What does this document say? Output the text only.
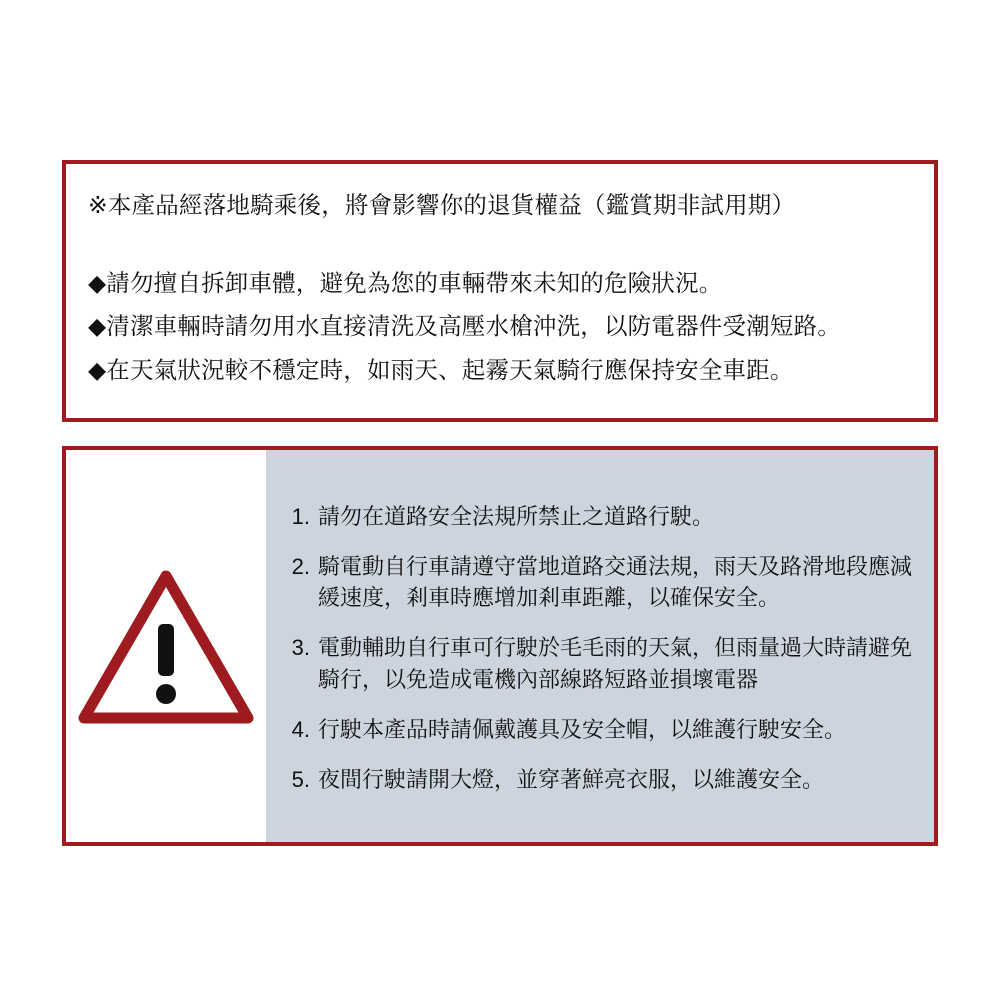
※本產品經落地騎乘後，將會影響你的退貨權益（鑑賞期非試用期）
◆請勿擅自拆卸車體，避免為您的車輛帶來未知的危險狀況。
◆清潔車輛時請勿用水直接清洗及高壓水槍沖洗，以防電器件受潮短路。
◆在天氣狀況較不穩定時，如雨天、起霧天氣騎行應保持安全車距。
1. 請勿在道路安全法規所禁止之道路行駛。
2. 騎電動自行車請遵守當地道路交通法規，雨天及路滑地段應減緩速度，剎車時應增加剎車距離，以確保安全。
3. 電動輔助自行車可行駛於毛毛雨的天氣，但雨量過大時請避免騎行，以免造成電機內部線路短路並損壞電器
4. 行駛本產品時請佩戴護具及安全帽，以維護行駛安全。
5. 夜間行駛請開大燈，並穿著鮮亮衣服，以維護安全。
